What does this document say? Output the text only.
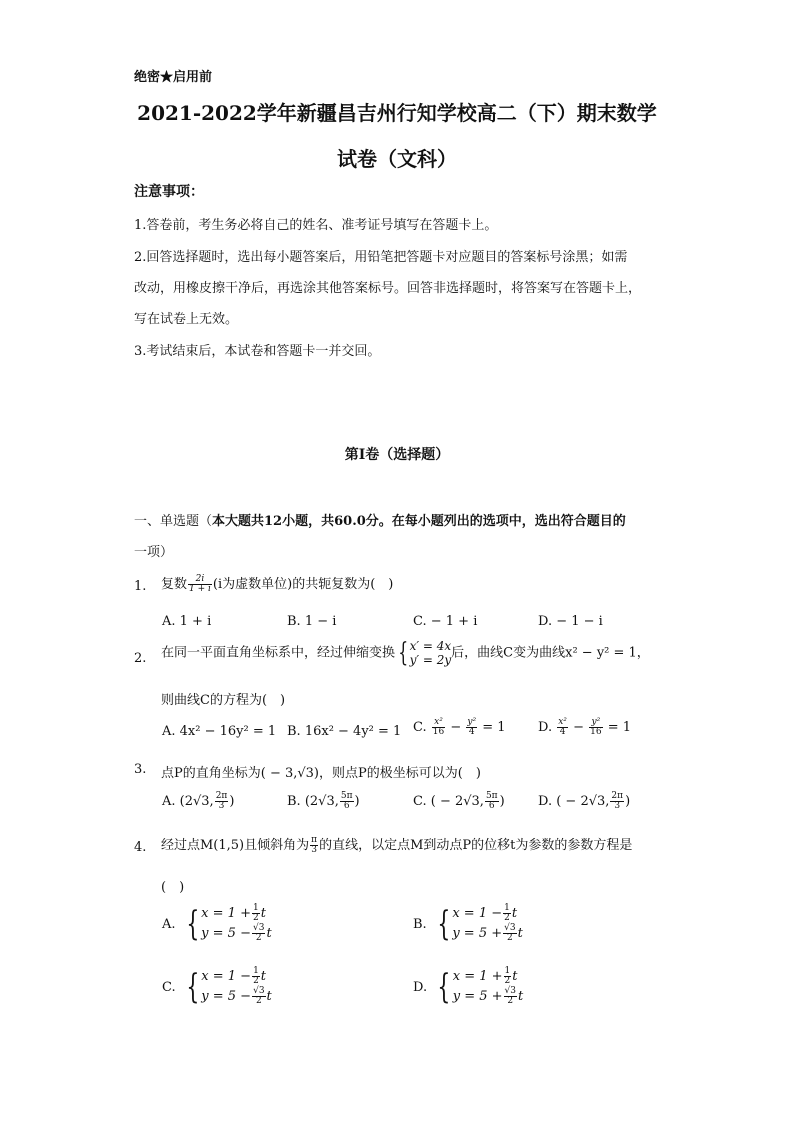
绝密★启用前
2021-2022学年新疆昌吉州行知学校高二（下）期末数学
试卷（文科）
注意事项：
1.答卷前，考生务必将自己的姓名、准考证号填写在答题卡上。
2.回答选择题时，选出每小题答案后，用铅笔把答题卡对应题目的答案标号涂黑；如需
改动，用橡皮擦干净后，再选涂其他答案标号。回答非选择题时，将答案写在答题卡上，
写在试卷上无效。
3.考试结束后，本试卷和答题卡一并交回。
第I卷（选择题）
一、单选题（本大题共12小题，共60.0分。在每小题列出的选项中，选出符合题目的
一项）
1. 复数 $\frac{2i}{1 + i} (i$为虚数单位)的共轭复数为(　)
A. 1 + i	B. 1 − i	C. − 1 + i	D. − 1 − i
2. 在同一平面直角坐标系中，经过伸缩变换 { x′ = 4x
y′ = 2y 后，曲线C变为曲线x² − y² = 1，
则曲线C的方程为(　)
A. 4x² − 16y² = 1 B. 16x² − 4y² = 1 C. $\frac{\text{x²}}{16} - \frac{\text{y²}}{4} = 1$ D. $\frac{\text{x²}}{4} - \frac{\text{y²}}{16} = 1$
3. 点P的直角坐标为( − 3,√3)，则点P的极坐标可以为(　)
A. (2√3, $\frac{2\pi}{3}$ )	B. (2√3, $\frac{5\pi}{6}$ )	C. ( − 2√3, $\frac{5\pi}{6}$ )	D. ( − 2√3, $\frac{2\pi}{3}$ )
4. 经过点M(1,5)且倾斜角为 $\frac{\pi}{3}$ 的直线，以定点M到动点P的位移t为参数的参数方程是
(　)
A. { $x = 1 + \frac{1}{2}$ t
$y = 5 - \frac{√3}{2}$ t
B. { $x = 1 - \frac{1}{2}$ t
$y = 5 + \frac{√3}{2}$ t
C. { $x = 1 - \frac{1}{2}$ t
$y = 5 - \frac{√3}{2}$ t
D. { $x = 1 + \frac{1}{2}$ t
$y = 5 + \frac{√3}{2}$ t
